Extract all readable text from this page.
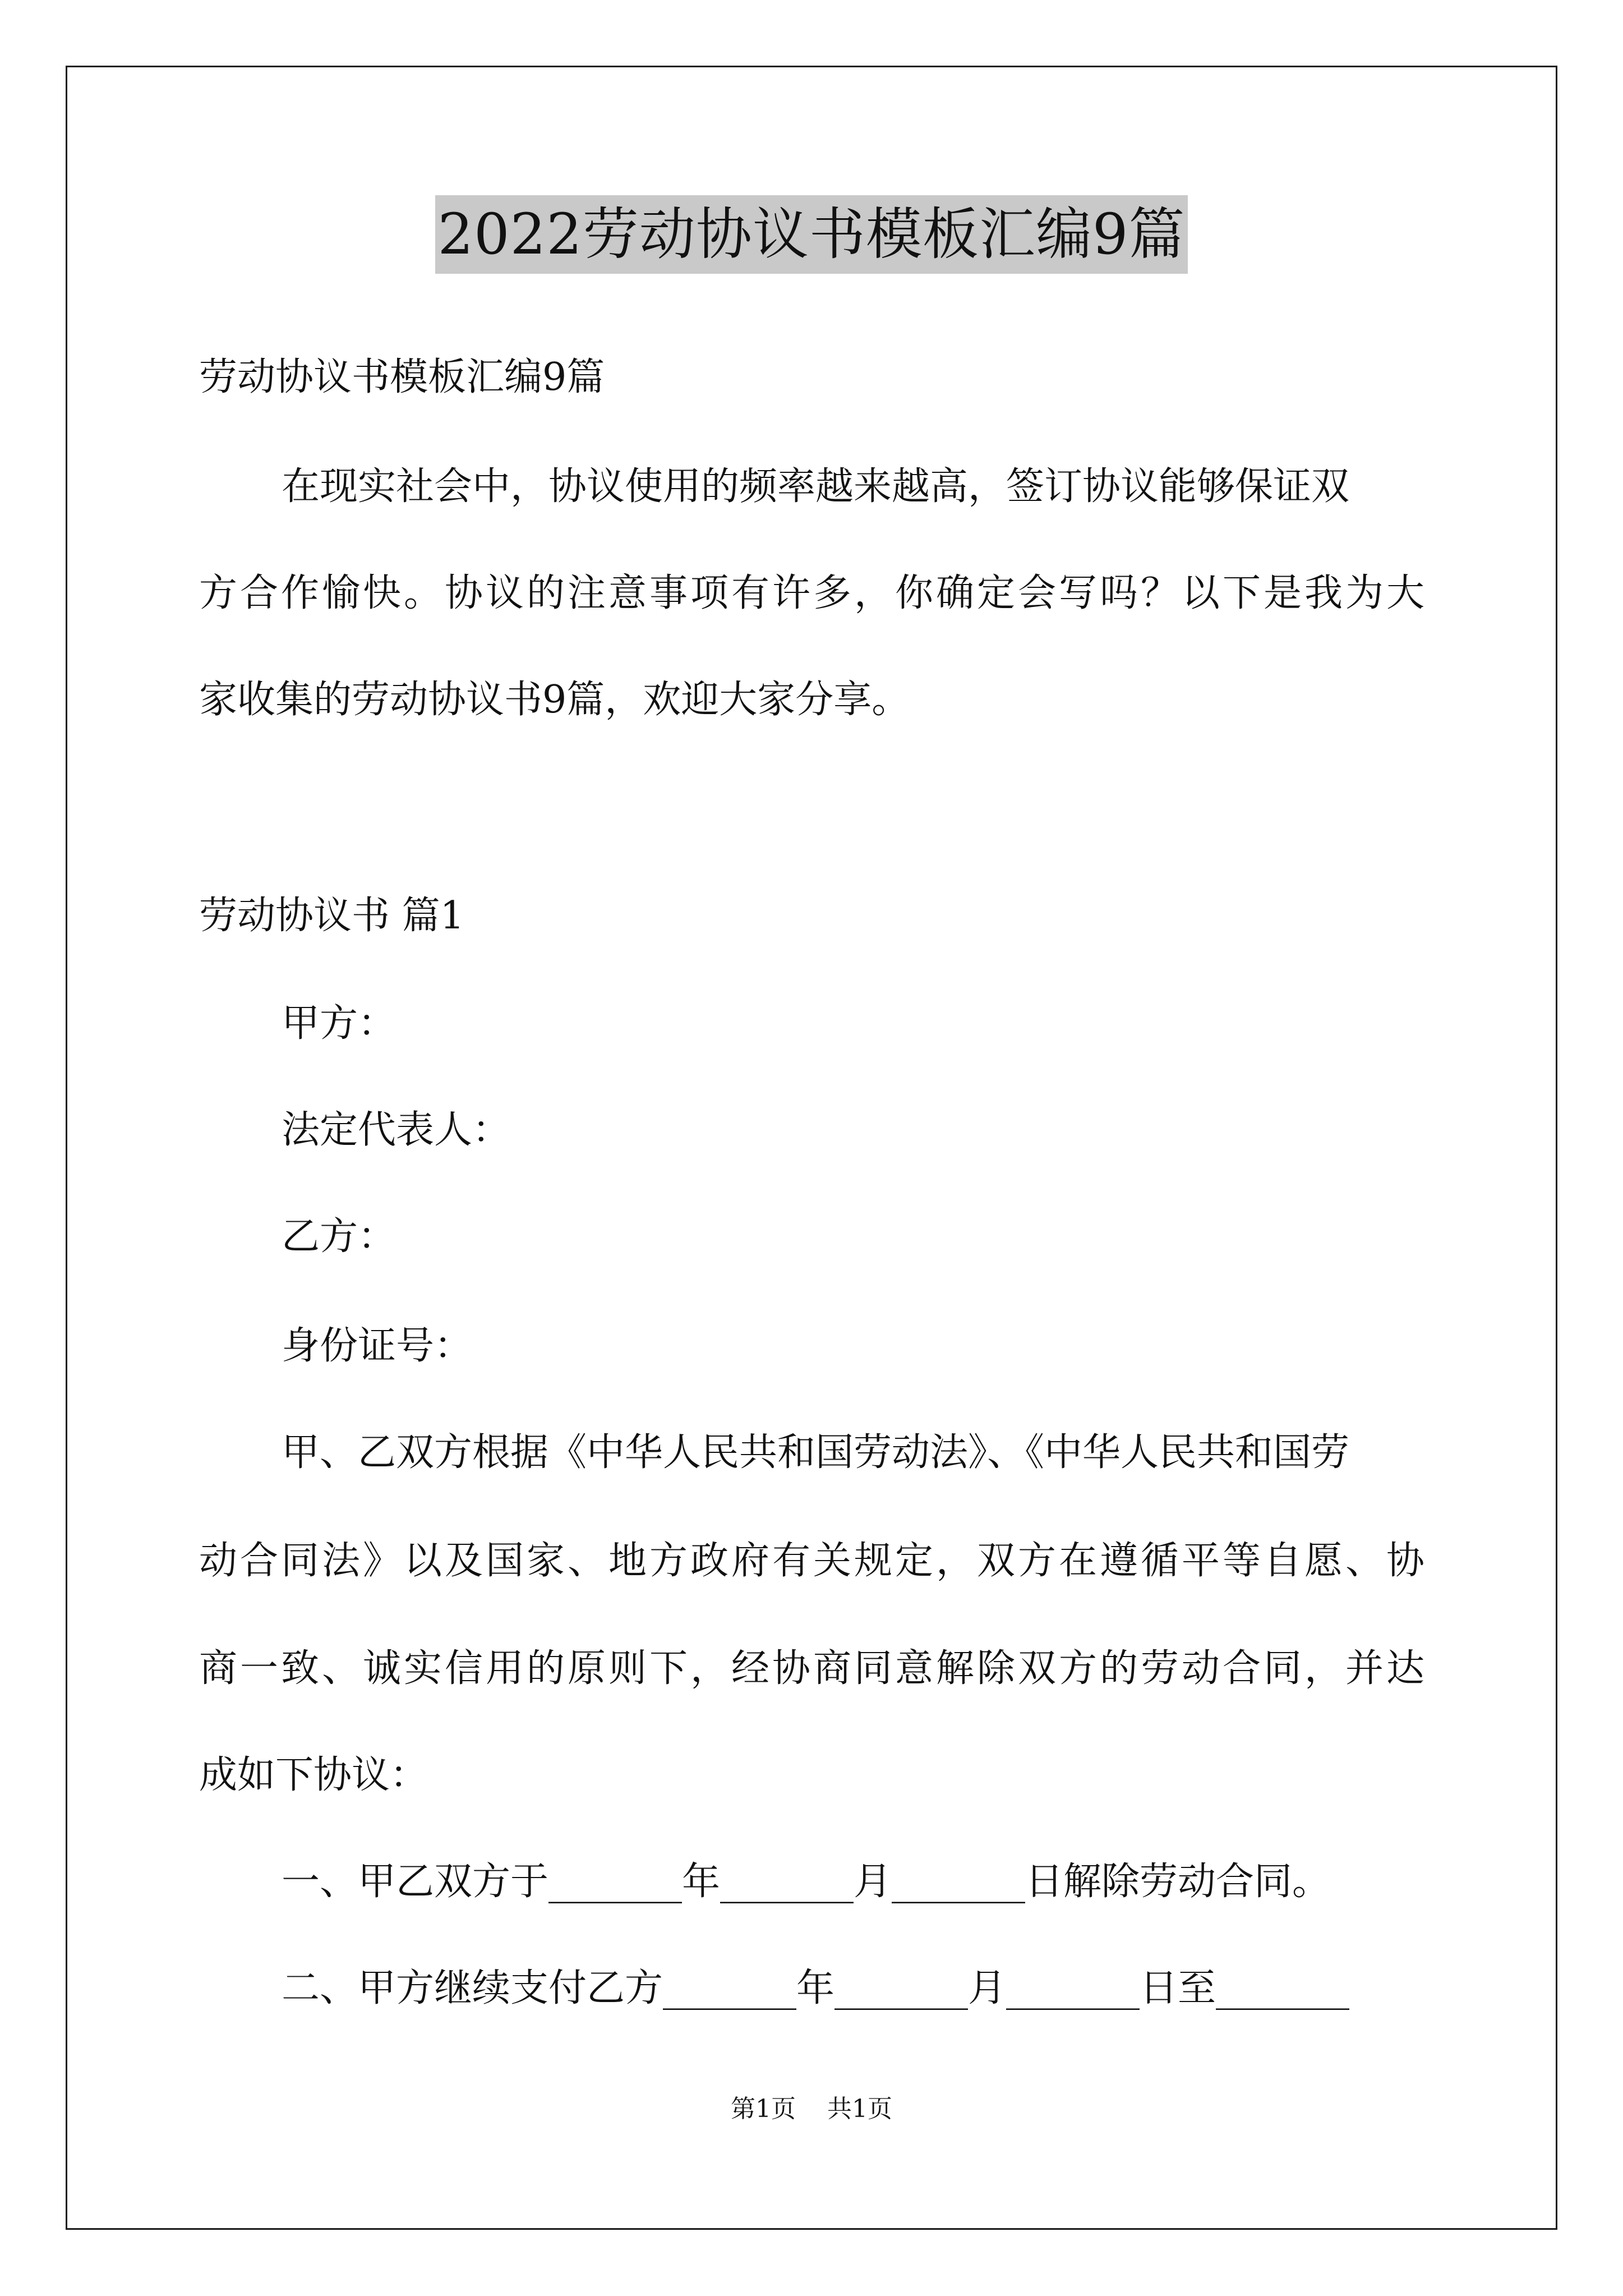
2022劳动协议书模板汇编9篇
劳动协议书模板汇编9篇
在现实社会中，协议使用的频率越来越高，签订协议能够保证双
方合作愉快。协议的注意事项有许多，你确定会写吗？以下是我为大
家收集的劳动协议书9篇，欢迎大家分享。
劳动协议书 篇1
甲方：
法定代表人：
乙方：
身份证号：
甲、乙双方根据《中华人民共和国劳动法》、《中华人民共和国劳
动合同法》以及国家、地方政府有关规定，双方在遵循平等自愿、协
商一致、诚实信用的原则下，经协商同意解除双方的劳动合同，并达
成如下协议：
一、甲乙双方于_______年_______月_______日解除劳动合同。
二、甲方继续支付乙方_______年_______月_______日至_______
第1页 共1页
